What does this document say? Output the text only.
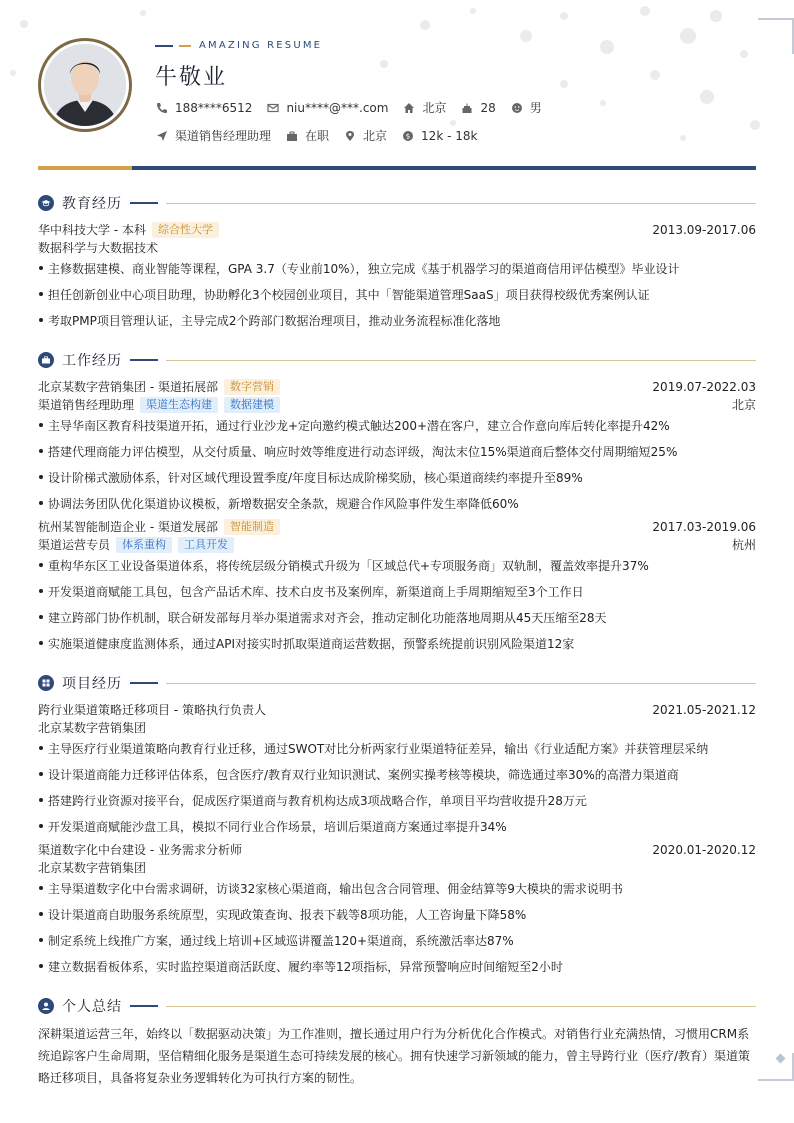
AMAZING RESUME
牛敬业
188****6512	niu****@***.com	北京	28	男
渠道销售经理助理	在职	北京	$ 12k - 18k
教育经历
华中科技大学 - 本科	综合性大学	2013.09-2017.06
数据科学与大数据技术
主修数据建模、商业智能等课程，GPA 3.7（专业前10%），独立完成《基于机器学习的渠道商信用评估模型》毕业设计
担任创新创业中心项目助理，协助孵化3个校园创业项目，其中「智能渠道管理SaaS」项目获得校级优秀案例认证
考取PMP项目管理认证，主导完成2个跨部门数据治理项目，推动业务流程标准化落地
工作经历
北京某数字营销集团 - 渠道拓展部	数字营销	2019.07-2022.03
渠道销售经理助理	渠道生态构建	数据建模	北京
主导华南区教育科技渠道开拓，通过行业沙龙+定向邀约模式触达200+潜在客户，建立合作意向库后转化率提升42%
搭建代理商能力评估模型，从交付质量、响应时效等维度进行动态评级，淘汰末位15%渠道商后整体交付周期缩短25%
设计阶梯式激励体系，针对区域代理设置季度/年度目标达成阶梯奖励，核心渠道商续约率提升至89%
协调法务团队优化渠道协议模板，新增数据安全条款，规避合作风险事件发生率降低60%
杭州某智能制造企业 - 渠道发展部	智能制造	2017.03-2019.06
渠道运营专员	体系重构	工具开发	杭州
重构华东区工业设备渠道体系，将传统层级分销模式升级为「区域总代+专项服务商」双轨制，覆盖效率提升37%
开发渠道商赋能工具包，包含产品话术库、技术白皮书及案例库，新渠道商上手周期缩短至3个工作日
建立跨部门协作机制，联合研发部每月举办渠道需求对齐会，推动定制化功能落地周期从45天压缩至28天
实施渠道健康度监测体系，通过API对接实时抓取渠道商运营数据，预警系统提前识别风险渠道12家
项目经历
跨行业渠道策略迁移项目 - 策略执行负责人	2021.05-2021.12
北京某数字营销集团
主导医疗行业渠道策略向教育行业迁移，通过SWOT对比分析两家行业渠道特征差异，输出《行业适配方案》并获管理层采纳
设计渠道商能力迁移评估体系，包含医疗/教育双行业知识测试、案例实操考核等模块，筛选通过率30%的高潜力渠道商
搭建跨行业资源对接平台，促成医疗渠道商与教育机构达成3项战略合作，单项目平均营收提升28万元
开发渠道商赋能沙盘工具，模拟不同行业合作场景，培训后渠道商方案通过率提升34%
渠道数字化中台建设 - 业务需求分析师	2020.01-2020.12
北京某数字营销集团
主导渠道数字化中台需求调研，访谈32家核心渠道商，输出包含合同管理、佣金结算等9大模块的需求说明书
设计渠道商自助服务系统原型，实现政策查询、报表下载等8项功能，人工咨询量下降58%
制定系统上线推广方案，通过线上培训+区域巡讲覆盖120+渠道商，系统激活率达87%
建立数据看板体系，实时监控渠道商活跃度、履约率等12项指标，异常预警响应时间缩短至2小时
个人总结
深耕渠道运营三年，始终以「数据驱动决策」为工作准则，擅长通过用户行为分析优化合作模式。对销售行业充满热情，习惯用CRM系统追踪客户生命周期，坚信精细化服务是渠道生态可持续发展的核心。拥有快速学习新领域的能力，曾主导跨行业（医疗/教育）渠道策略迁移项目，具备将复杂业务逻辑转化为可执行方案的韧性。
